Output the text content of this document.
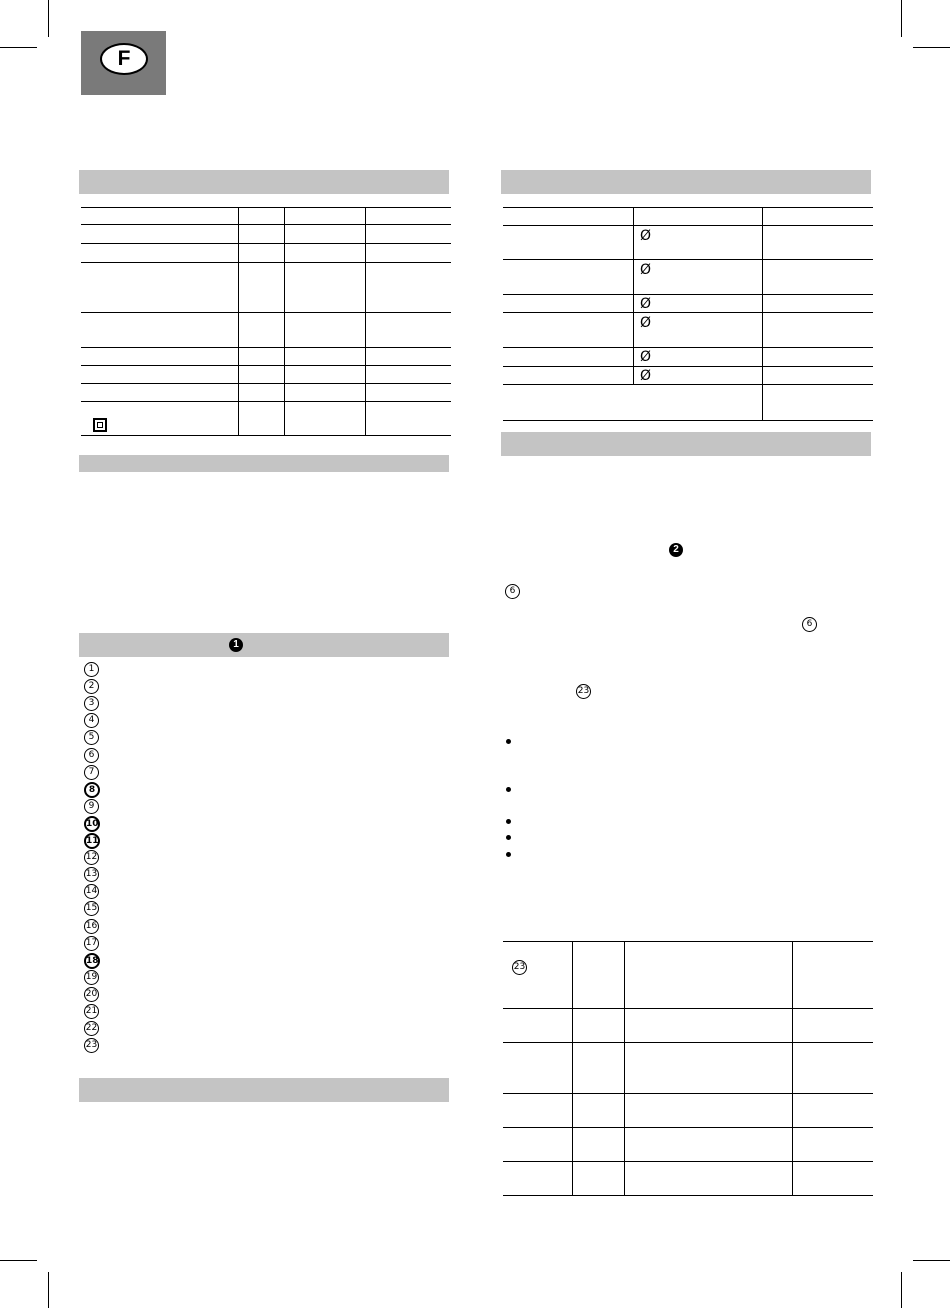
F
1
1
2
3
4
5
6
7
8
9
10
11
12
13
14
15
16
17
18
19
20
21
22
23
Ø
Ø
Ø
Ø
Ø
Ø
2
6
6
23
23
